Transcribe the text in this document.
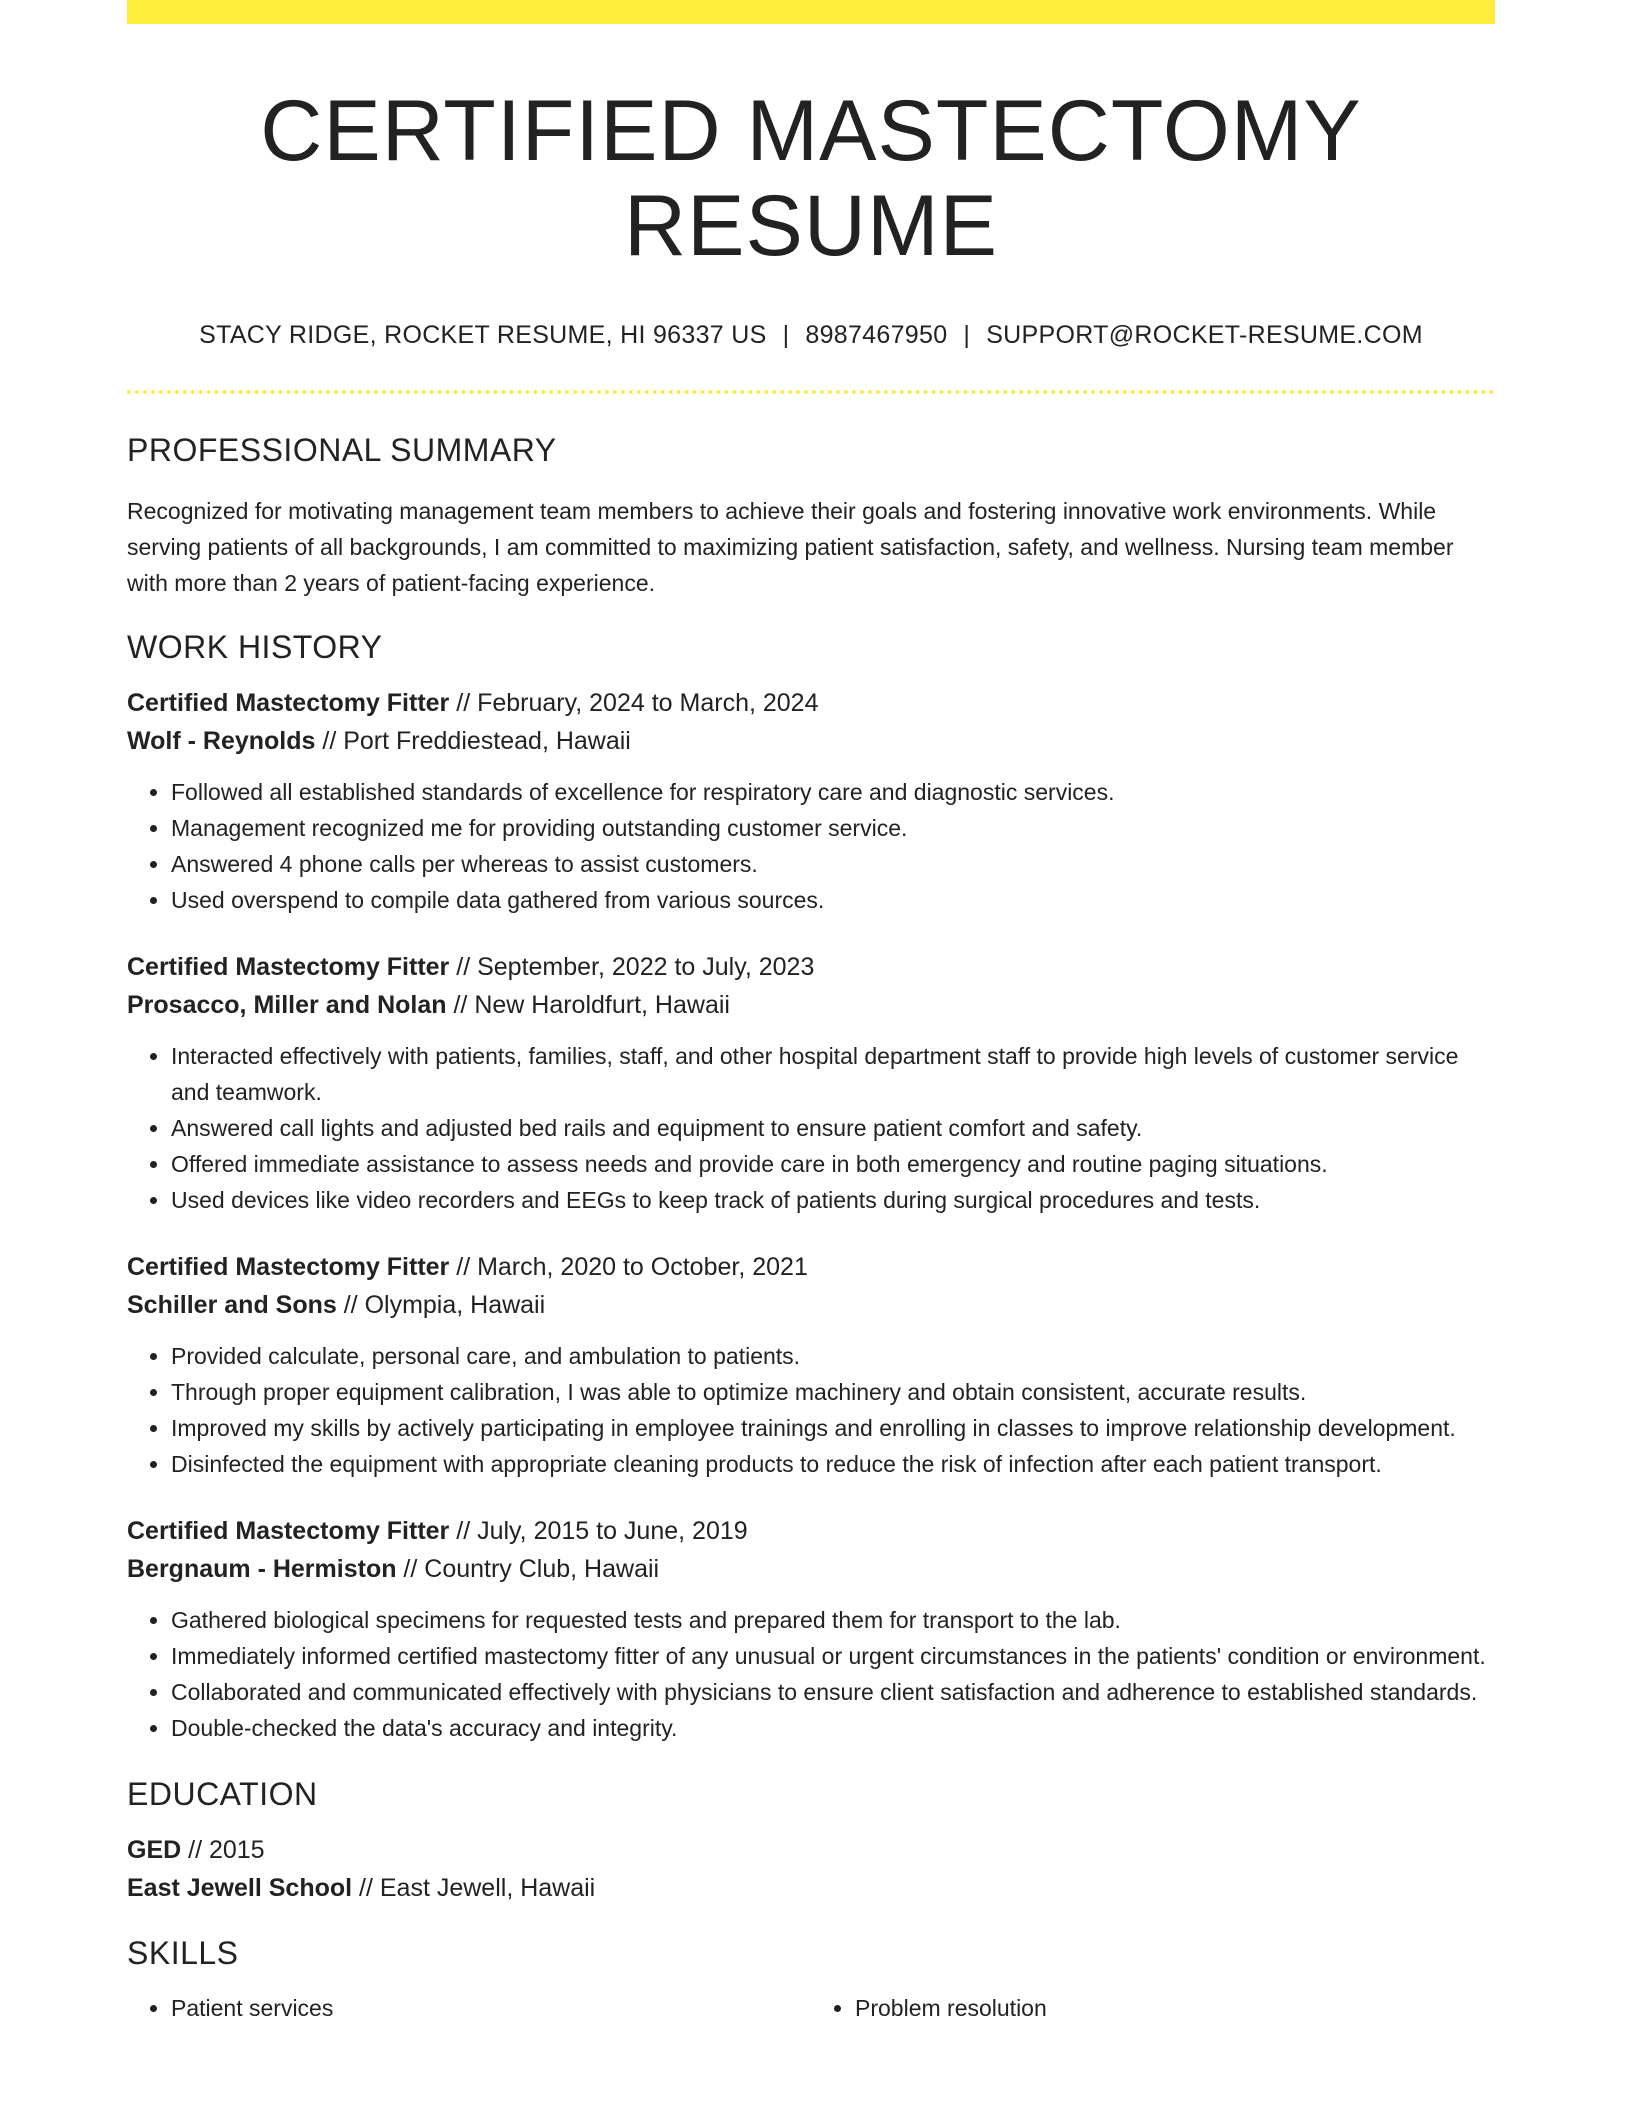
CERTIFIED MASTECTOMY RESUME
STACY RIDGE, ROCKET RESUME, HI 96337 US | 8987467950 | SUPPORT@ROCKET-RESUME.COM
PROFESSIONAL SUMMARY

Recognized for motivating management team members to achieve their goals and fostering innovative work environments. While serving patients of all backgrounds, I am committed to maximizing patient satisfaction, safety, and wellness. Nursing team member with more than 2 years of patient-facing experience.

WORK HISTORY
Certified Mastectomy Fitter // February, 2024 to March, 2024
Wolf - Reynolds // Port Freddiestead, Hawaii
• Followed all established standards of excellence for respiratory care and diagnostic services.
• Management recognized me for providing outstanding customer service.
• Answered 4 phone calls per whereas to assist customers.
• Used overspend to compile data gathered from various sources.
Certified Mastectomy Fitter // September, 2022 to July, 2023
Prosacco, Miller and Nolan // New Haroldfurt, Hawaii
• Interacted effectively with patients, families, staff, and other hospital department staff to provide high levels of customer service and teamwork.
• Answered call lights and adjusted bed rails and equipment to ensure patient comfort and safety.
• Offered immediate assistance to assess needs and provide care in both emergency and routine paging situations.
• Used devices like video recorders and EEGs to keep track of patients during surgical procedures and tests.
Certified Mastectomy Fitter // March, 2020 to October, 2021
Schiller and Sons // Olympia, Hawaii
• Provided calculate, personal care, and ambulation to patients.
• Through proper equipment calibration, I was able to optimize machinery and obtain consistent, accurate results.
• Improved my skills by actively participating in employee trainings and enrolling in classes to improve relationship development.
• Disinfected the equipment with appropriate cleaning products to reduce the risk of infection after each patient transport.
Certified Mastectomy Fitter // July, 2015 to June, 2019
Bergnaum - Hermiston // Country Club, Hawaii
• Gathered biological specimens for requested tests and prepared them for transport to the lab.
• Immediately informed certified mastectomy fitter of any unusual or urgent circumstances in the patients' condition or environment.
• Collaborated and communicated effectively with physicians to ensure client satisfaction and adherence to established standards.
• Double-checked the data's accuracy and integrity.
EDUCATION
GED // 2015
East Jewell School // East Jewell, Hawaii
SKILLS
• Patient services
•	Problem resolution
